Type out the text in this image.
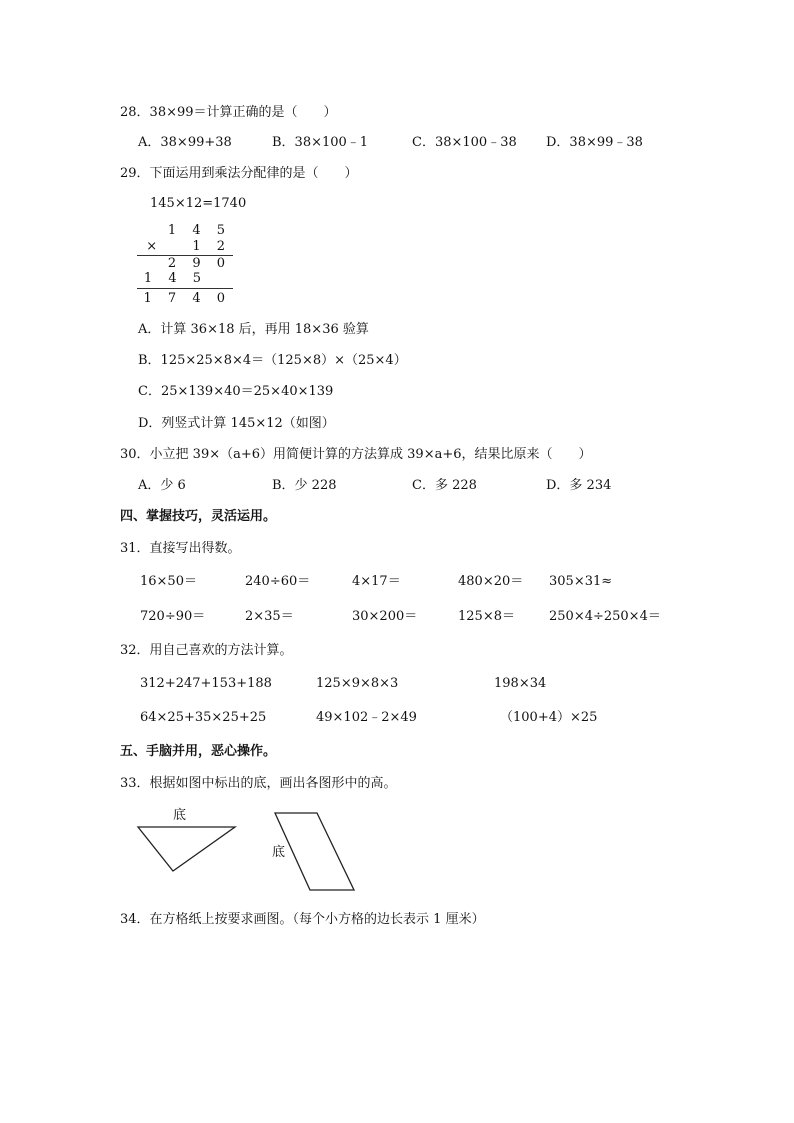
28．38×99＝计算正确的是（　　）
A．38×99+38	B．38×100﹣1	C．38×100﹣38 D．38×99﹣38
29．下面运用到乘法分配律的是（　　）
145×12=1740
1 4 5
×　 1 2
2 9 0
1 4 5
1 7 4 0
A．计算 36×18 后，再用 18×36 验算
B．125×25×8×4＝（125×8）×（25×4）
C．25×139×40＝25×40×139
D．列竖式计算 145×12（如图）
30．小立把 39×（a+6）用简便计算的方法算成 39×a+6，结果比原来（　　）
A．少 6	B．少 228	C．多 228	D．多 234
四、掌握技巧，灵活运用。
31．直接写出得数。
16×50＝	240÷60＝	4×17＝	480×20＝ 305×31≈
720÷90＝	2×35＝	30×200＝	125×8＝	250×4÷250×4＝
32．用自己喜欢的方法计算。
312+247+153+188	125×9×8×3	198×34
64×25+35×25+25	49×102﹣2×49	（100+4）×25
五、手脑并用，恶心操作。
33．根据如图中标出的底，画出各图形中的高。
底
底
34．在方格纸上按要求画图。（每个小方格的边长表示 1 厘米）
